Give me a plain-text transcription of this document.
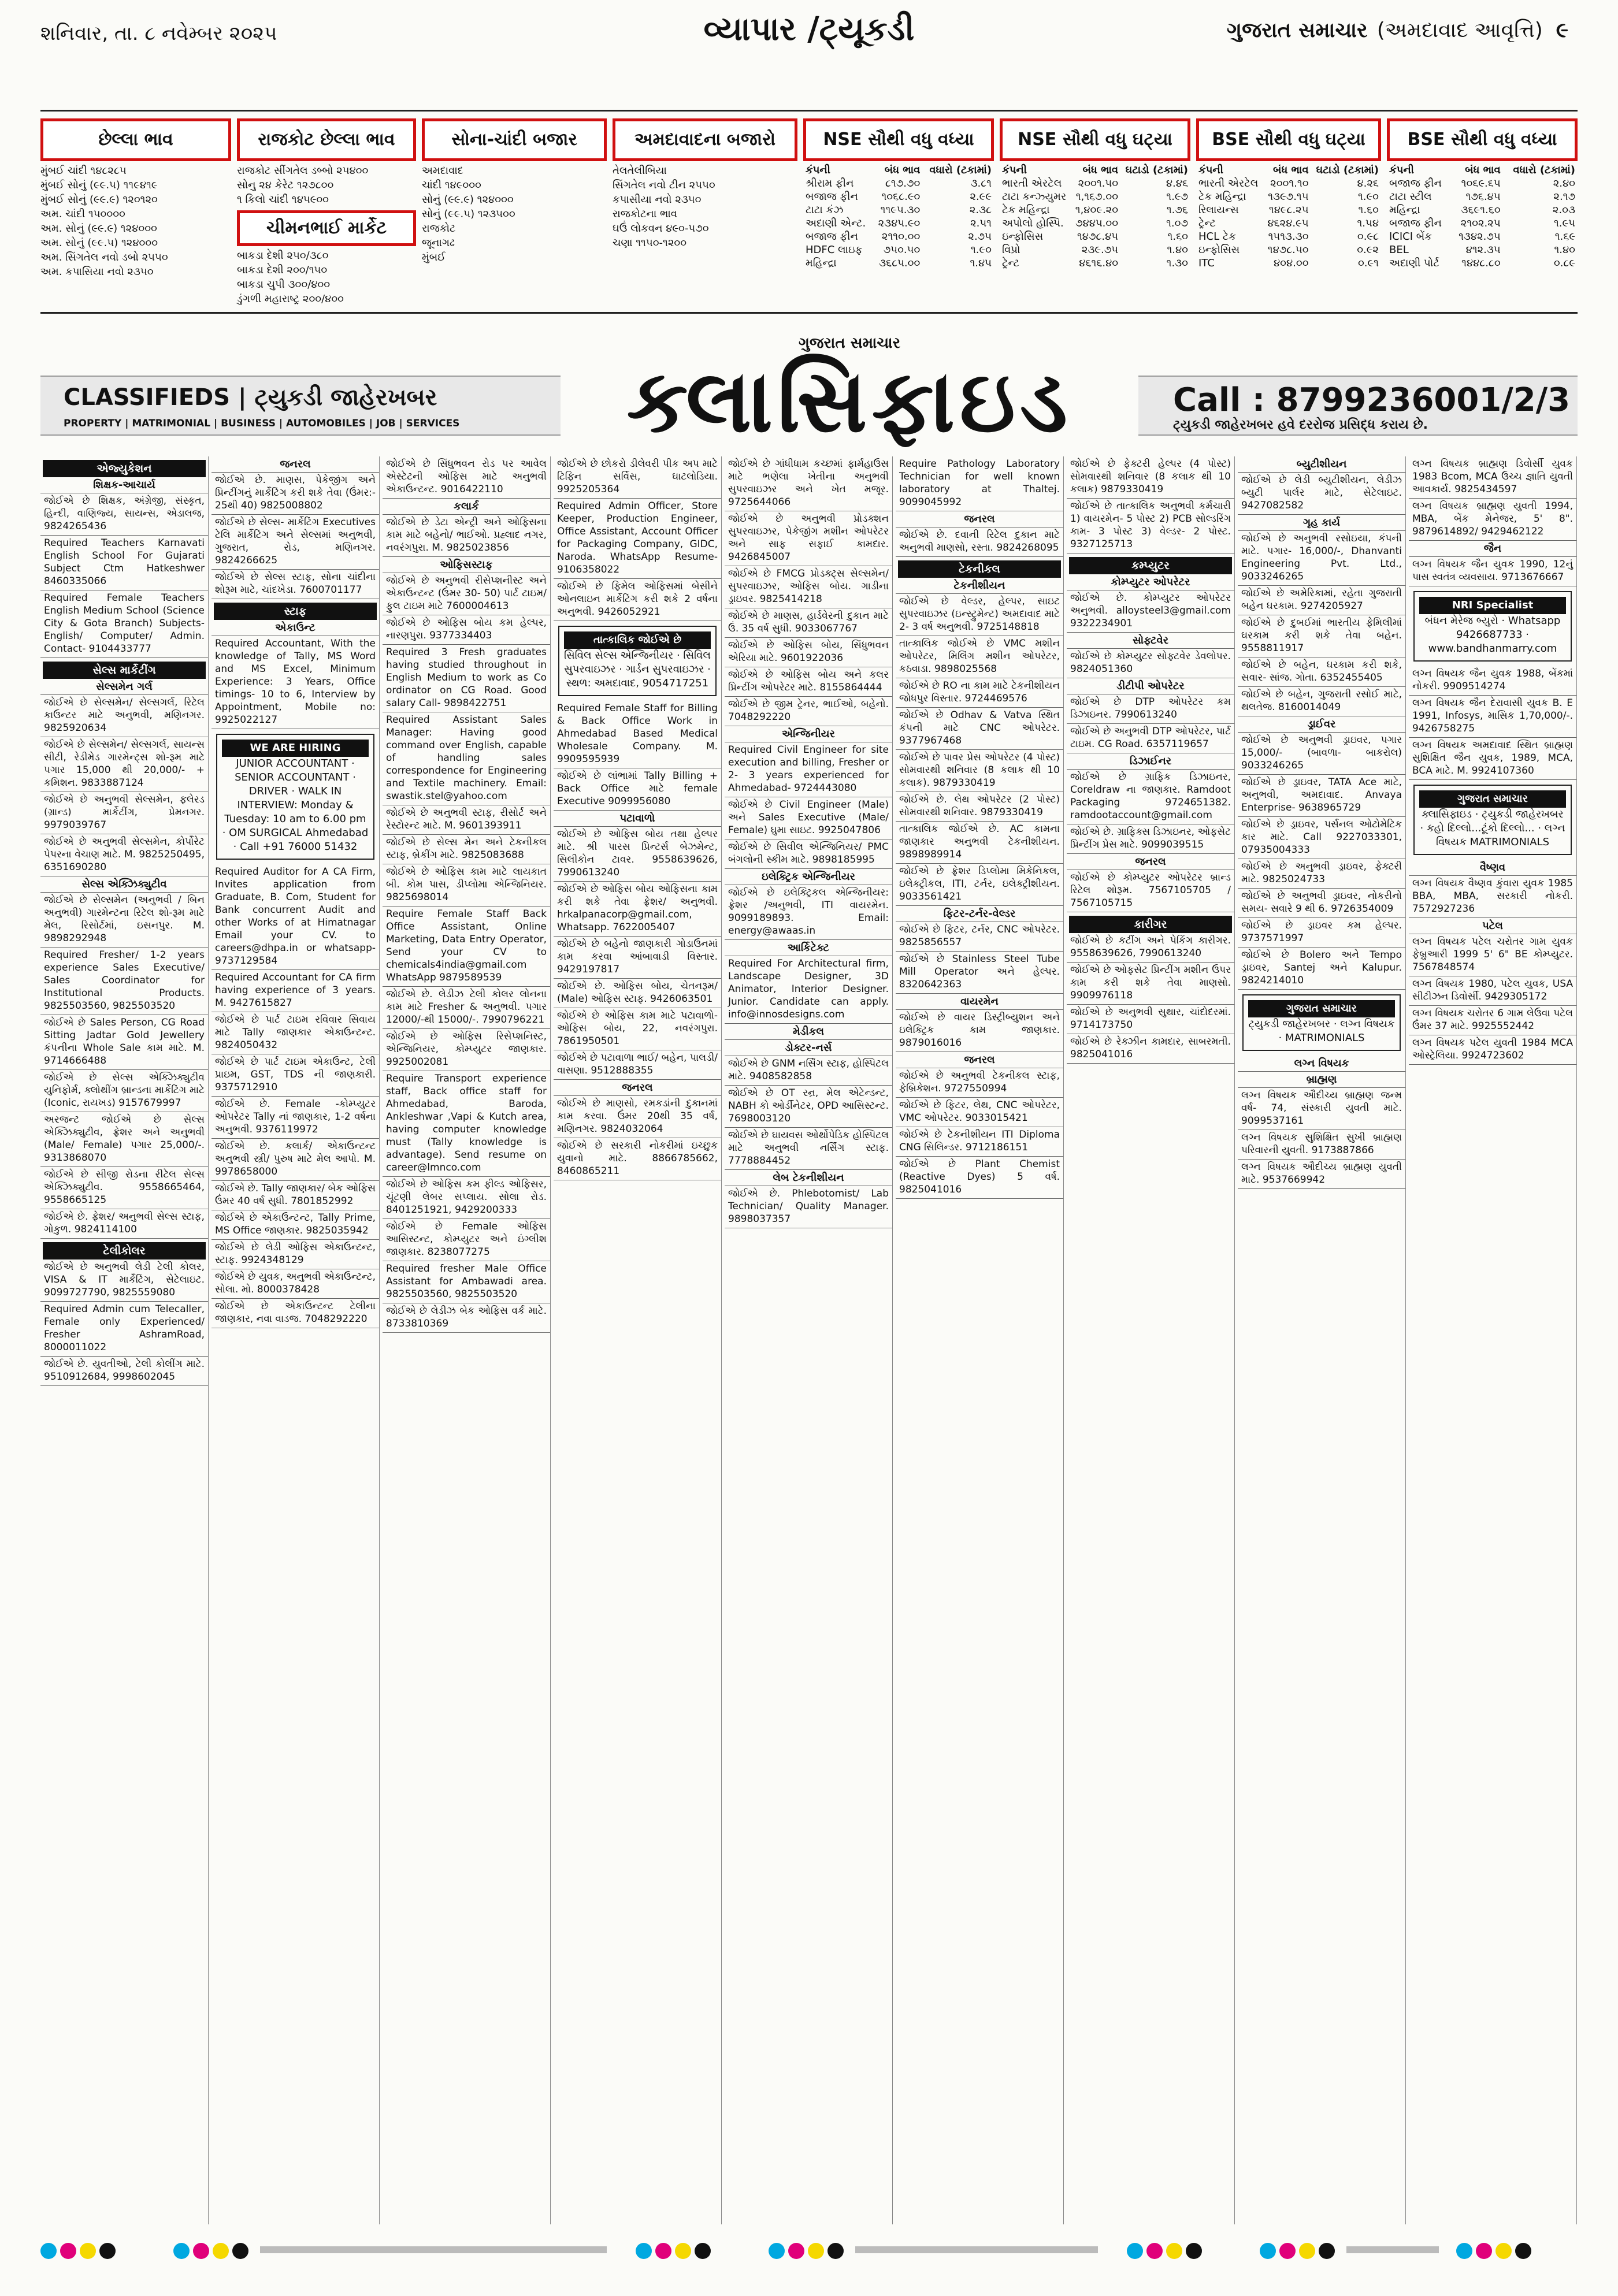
શનિવાર, તા. ૮ નવેમ્બર ૨૦૨૫	વ્યાપાર /ટ્યૂકડી	ગુજરાત સમાચાર (અમદાવાદ આવૃત્તિ) ૯
છેલ્લા ભાવ
મુંબઈ ચાંદી ૧૪૮૨૮૫
મુંબઈ સોનું (૯૯.૫) ૧૧૯૪૧૯
મુંબઈ સોનું (૯૯.૯) ૧૨૦૧૨૦
અમ. ચાંદી ૧૫૦૦૦૦
અમ. સોનું (૯૯.૯) ૧૨૪૦૦૦
અમ. સોનું (૯૯.૫) ૧૨૪૦૦૦
અમ. સિંગતેલ નવો ડબો ૨૫૫૦
અમ. કપાસિયા નવો ૨૩૫૦
રાજકોટ છેલ્લા ભાવ
રાજકોટ સીંગતેલ ડબ્બો ૨૫૪૦૦
સોનુ ૨૪ કેરેટ ૧૨૭૮૦૦
૧ કિલો ચાંદી ૧૪૫૯૦૦
ચીમનભાઈ માર્કેટ
બાકડા દેશી ૨૫૦/૩૮૦
બાકડા દેશી ૨૦૦/૧૫૦
બાકડા ચુપી ૩૦૦/૪૦૦
ડુંગળી મહારાષ્ટ્ર ૨૦૦/૪૦૦
સોના-ચાંદી બજાર
અમદાવાદ
ચાંદી ૧૪૯૦૦૦
સોનું (૯૯.૯) ૧૨૪૦૦૦
સોનું (૯૯.૫) ૧૨૩૫૦૦
રાજકોટ
જૂનાગઢ
મુંબઈ
અમદાવાદના બજારો
તેલતેલીબિયા
સિંગતેલ નવો ટીન ૨૫૫૦
કપાસીયા નવો ૨૩૫૦
રાજકોટના ભાવ
ઘઉં લોકવન ૪૯૦-૫૭૦
ચણા ૧૧૫૦-૧૨૦૦
NSE સૌથી વધુ વધ્યા
કંપની	બંધ ભાવ	વધારો (ટકામાં)
શ્રીરામ ફીન	૮૧૭.૭૦	૩.૮૧
બજાજ ફીન	૧૦૬૮.૯૦	૨.૯૯
ટાટા કંઝ	૧૧૯૫.૩૦	૨.૩૮
અદાણી એન્ટ.	૨૩૪૫.૯૦	૨.૫૧
બજાજ ફીન	૨૧૧૦.૦૦	૨.૭૫
HDFC લાઇફ	૭૫૦.૫૦	૧.૯૦
મહિન્દ્રા	૩૬૮૫.૦૦	૧.૪૫
NSE સૌથી વધુ ઘટ્યા
કંપની	બંધ ભાવ	ઘટાડો (ટકામાં)
ભારતી એરટેલ	૨૦૦૧.૫૦	૪.૪૬
ટાટા કન્ઝ્યુમર	૧,૧૬૭.૦૦	૧.૯૭
ટેક મહિન્દ્રા	૧,૪૦૯.૨૦	૧.૭૬
અપોલો હોસ્પિ.	૭૪૪૫.૦૦	૧.૦૭
ઇન્ફોસિસ	૧૪૭૮.૪૫	૧.૬૦
વિપ્રો	૨૩૯.૭૫	૧.૪૦
ટ્રેન્ટ	૪૬૧૬.૪૦	૧.૩૦
BSE સૌથી વધુ ઘટ્યા
કંપની	બંધ ભાવ	ઘટાડો (ટકામાં)
ભારતી એરટેલ	૨૦૦૧.૧૦	૪.૨૬
ટેક મહિન્દ્રા	૧૩૯૭.૧૫	૧.૯૦
રિલાયન્સ	૧૪૯૮.૨૫	૧.૬૦
ટ્રેન્ટ	૪૬૨૪.૯૫	૧.૫૪
HCL ટેક	૧૫૧૩.૩૦	૦.૯૮
ઇન્ફોસિસ	૧૪૭૮.૫૦	૦.૯૨
ITC	૪૦૪.૦૦	૦.૯૧
BSE સૌથી વધુ વધ્યા
કંપની	બંધ ભાવ	વધારો (ટકામાં)
બજાજ ફીન	૧૦૬૯.૬૫	૨.૪૦
ટાટા સ્ટીલ	૧૭૬.૪૫	૨.૧૭
મહિન્દ્રા	૩૬૯૧.૬૦	૨.૦૩
બજાજ ફીન	૨૧૦૨.૨૫	૧.૯૫
ICICI બેંક	૧૩૪૨.૭૫	૧.૬૯
BEL	૪૧૨.૩૫	૧.૪૦
અદાણી પોર્ટ	૧૪૪૮.૮૦	૦.૮૯
CLASSIFIEDS | ટ્યુકડી જાહેરખબર
PROPERTY | MATRIMONIAL | BUSINESS | AUTOMOBILES | JOB | SERVICES
ગુજરાત સમાચાર
ક્લાસિફાઇડ	Call : 8799236001/2/3
ટ્યુકડી જાહેરખબર હવે દરરોજ પ્રસિદ્ધ કરાય છે.
એજ્યુકેશન
શિક્ષક-આચાર્ય
જોઈએ છે શિક્ષક, અંગ્રેજી, સંસ્કૃત, હિન્દી, વાણિજ્ય, સાયન્સ, એડાલજ, 9824265436
Required Teachers Karnavati English School For Gujarati Subject Ctm Hatkeshwer 8460335066
Required Female Teachers English Medium School (Science City & Gota Branch) Subjects- English/ Computer/ Admin. Contact- 9104433777
સેલ્સ માર્કેટીંગ
સેલ્સમેન ગર્લ
જોઈએ છે સેલ્સમેન/ સેલ્સગર્લ, રિટેલ કાઉન્ટર માટે અનુભવી, મણિનગર. 9825920634
જોઈએ છે સેલ્સમેન/ સેલ્સગર્લ, સાયન્સ સીટી, રેડીમેડ ગારમેન્ટ્સ શો-રૂમ માટે પગાર 15,000 થી 20,000/- + કમિશન. 9833887124
જોઈએ છે અનુભવી સેલ્સમેન, ફલેરડ (ગ્રાન્ડ) માર્કેટીંગ, પ્રેમનગર. 9979039767
જોઈએ છે અનુભવી સેલ્સમેન, કોર્પોરેટ પેપરના વેચાણ માટે. M. 9825250495, 6351690280
સેલ્સ એક્ઝિક્યુટીવ
જોઈએ છે સેલ્સમેન (અનુભવી / બિન અનુભવી) ગારમેન્ટના રિટેલ શો-રૂમ માટે મેલ, રિસોર્ટમાં, ઇસનપુર. M. 9898292948
Required Fresher/ 1-2 years experience Sales Executive/ Sales Coordinator for Institutional Products. 9825503560, 9825503520
જોઈએ છે Sales Person, CG Road Sitting Jadtar Gold Jewellery કંપનીના Whole Sale કામ માટે. M. 9714666488
જોઈએ છે સેલ્સ એક્ઝિક્યુટીવ યુનિફોર્મ, ક્લોથીંગ બ્રાન્ડના માર્કેટિંગ માટે (Iconic, રાયખડ) 9157679997
અરજન્ટ જોઈએ છે સેલ્સ એક્ઝિક્યુટીવ, ફ્રેશર અને અનુભવી (Male/ Female) પગાર 25,000/-. 9313868070
જોઈએ છે સીજી રોડના રીટેલ સેલ્સ એક્ઝિક્યુટીવ. 9558665464, 9558665125
જોઈએ છે. ફ્રેશર/ અનુભવી સેલ્સ સ્ટાફ, ગોકુળ. 9824114100
ટેલીકોલર
જોઈએ છે અનુભવી લેડી ટેલી કોલર, VISA & IT માર્કેટિંગ, સેટેલાઇટ. 9099727790, 9825559080
Required Admin cum Telecaller, Female only Experienced/ Fresher AshramRoad, 8000011022
જોઈએ છે. યુવતીઓ, ટેલી કોલીંગ માટે. 9510912684, 9998602045
જનરલ
જોઈએ છે. માણસ, પેકેજીંગ અને પ્રિન્ટીંગનું માર્કેટિંગ કરી શકે તેવા (ઉંમર:- 25થી 40) 9825008802
જોઈએ છે સેલ્સ- માર્કેટિંગ Executives ટેલિ માર્કેટિંગ અને સેલ્સમાં અનુભવી, ગુજરાત, રોડ, મણિનગર. 9824266625
જોઈએ છે સેલ્સ સ્ટાફ, સોના ચાંદીના શોરૂમ માટે, ચાંદખેડા. 7600701177
સ્ટાફ
એકાઉન્ટ
Required Accountant, With the knowledge of Tally, MS Word and MS Excel, Minimum Experience: 3 Years, Office timings- 10 to 6, Interview by Appointment, Mobile no: 9925022127
WE ARE HIRING
JUNIOR ACCOUNTANT · SENIOR ACCOUNTANT · DRIVER · WALK IN INTERVIEW: Monday & Tuesday: 10 am to 6.00 pm · OM SURGICAL Ahmedabad · Call +91 76000 51432
Required Auditor for A CA Firm, Invites application from Graduate, B. Com, Student for Bank concurrent Audit and other Works of at Himatnagar Email your CV. to careers@dhpa.in or whatsapp- 9737129584
Required Accountant for CA firm having experience of 3 years. M. 9427615827
જોઈએ છે પાર્ટ ટાઇમ રવિવાર સિવાય માટે Tally જાણકાર એકાઉન્ટન્ટ. 9824050432
જોઈએ છે પાર્ટ ટાઇમ એકાઉન્ટ, ટેલી પ્રાઇમ, GST, TDS ની જાણકારી. 9375712910
જોઈએ છે. Female -કોમ્પ્યુટર ઓપરેટર Tally નાં જાણકાર, 1-2 વર્ષના અનુભવી. 9376119972
જોઈએ છે. કલાર્ક/ એકાઉન્ટન્ટ અનુભવી સ્ત્રી/ પુરુષ માટે મેલ આપો. M. 9978658000
જોઈએ છે. Tally જાણકાર/ બેક ઓફિસ ઉંમર 40 વર્ષ સુધી. 7801852992
જોઈએ છે એકાઉન્ટન્ટ, Tally Prime, MS Office જાણકાર. 9825035942
જોઈએ છે લેડી ઓફિસ એકાઉન્ટન્ટ, સ્ટાફ. 9924348129
જોઈએ છે યુવક, અનુભવી એકાઉન્ટન્ટ, સોલા. મો. 8000378428
જોઈએ છે એકાઉન્ટન્ટ ટેલીના જાણકાર, નવા વાડજ. 7048292220
જોઈએ છે સિંધુભવન રોડ પર આવેલ એસ્ટેટની ઓફિસ માટે અનુભવી એકાઉન્ટન્ટ. 9016422110
કલાર્ક
જોઈએ છે ડેટા એન્ટ્રી અને ઓફિસના કામ માટે બહેનો/ ભાઈઓ. પ્રહ્લાદ નગર, નવરંગપુરા. M. 9825023856
ઓફિસસ્ટાફ
જોઈએ છે અનુભવી રીસેપ્શનીસ્ટ અને એકાઉન્ટન્ટ (ઉંમર 30- 50) પાર્ટ ટાઇમ/ ફુલ ટાઇમ માટે 7600004613
જોઈએ છે ઓફિસ બોય કમ હેલ્પર, નારણપુરા. 9377334403
Required 3 Fresh graduates having studied throughout in English Medium to work as Co ordinator on CG Road. Good salary Call- 9898422751
Required Assistant Sales Manager: Having good command over English, capable of handling sales correspondence for Engineering and Textile machinery. Email: swastik.stel@yahoo.com
જોઈએ છે અનુભવી સ્ટાફ, રીસોર્ટ અને રેસ્ટોરન્ટ માટે. M. 9601393911
જોઈએ છે સેલ્સ મેન અને ટેકનીકલ સ્ટાફ, બ્રેકીંગ માટે. 9825083688
જોઈએ છે ઓફિસ કામ માટે લાયકાત બી. કોમ પાસ, ડીપ્લોમા એન્જિનિયર. 9825698014
Require Female Staff Back Office Assistant, Online Marketing, Data Entry Operator, Send your CV to chemicals4india@gmail.com WhatsApp 9879589539
જોઈએ છે. લેડીઝ ટેલી કોલર લોનના કામ માટે Fresher & અનુભવી. પગાર 12000/-થી 15000/-. 7990796221
જોઈએ છે ઓફિસ રિસેપ્શનિસ્ટ, એન્જિનિયર, કોમ્પ્યુટર જાણકાર. 9925002081
Require Transport experience staff, Back office staff for Ahmedabad, Baroda, Ankleshwar ,Vapi & Kutch area, having computer knowledge must (Tally knowledge is advantage). Send resume on career@lmnco.com
જોઈએ છે ઓફિસ કમ ફીલ્ડ ઓફિસર, ચૂંટણી લેબર સપ્લાય. સોલા રોડ. 8401251921, 9429200333
જોઈએ છે Female ઓફિસ આસિસ્ટન્ટ, કોમ્પ્યુટર અને ઇંગ્લીશ જાણકાર. 8238077275
Required fresher Male Office Assistant for Ambawadi area. 9825503560, 9825503520
જોઈએ છે લેડીઝ બેક ઓફિસ વર્ક માટે. 8733810369
જોઈએ છે છોકરો ડીલેવરી પીક અપ માટે ટિફિન સર્વિસ, ઘાટલોડિયા. 9925205364
Required Admin Officer, Store Keeper, Production Engineer, Office Assistant, Account Officer for Packaging Company, GIDC, Naroda. WhatsApp Resume- 9106358022
જોઈએ છે ફિમેલ ઓફિસમાં બેસીને ઓનલાઇન માર્કેટિંગ કરી શકે 2 વર્ષના અનુભવી. 9426052921
તાત્કાલિક જોઈએ છે
સિવિલ સેલ્સ એન્જિનીયર · સિવિલ સુપરવાઇઝર · ગાર્ડન સુપરવાઇઝર · સ્થળ: અમદાવાદ, 9054717251
Required Female Staff for Billing & Back Office Work in Ahmedabad Based Medical Wholesale Company. M. 9909595939
જોઈએ છે લાંભામાં Tally Billing + Back Office માટે female Executive 9099956080
પટાવાળો
જોઈએ છે ઓફિસ બોય તથા હેલ્પર માટે. શ્રી પારસ પ્રિન્ટર્સ બેઝમેન્ટ, સિલીકોન ટાવર. 9558639626, 7990613240
જોઈએ છે ઓફિસ બોય ઓફિસના કામ કરી શકે તેવા ફ્રેશર/ અનુભવી. hrkalpanacorp@gmail.com, Whatsapp. 7622005407
જોઈએ છે બહેનો જાણકારી ગોડાઉનમાં કામ કરવા આંબાવાડી વિસ્તાર. 9429197817
જોઈએ છે. ઓફિસ બોય, ચેતનરૂમ/ (Male) ઓફિસ સ્ટાફ. 9426063501
જોઈએ છે ઓફિસ કામ માટે પટાવાળો- ઓફિસ બોય, 22, નવરંગપુરા. 7861950501
જોઈએ છે પટાવાળા ભાઈ/ બહેન, પાલડી/ વાસણા. 9512888355
જનરલ
જોઈએ છે માણસો, રમકડાંની દુકાનમાં કામ કરવા. ઉંમર 20થી 35 વર્ષ, મણિનગર. 9824032064
જોઈએ છે સરકારી નોકરીમાં ઇચ્છુક યુવાનો માટે. 8866785662, 8460865211
જોઈએ છે ગાંધીધામ કચ્છમાં ફાર્મહાઉસ માટે ભણેલા ખેતીના અનુભવી સુપરવાઇઝર અને ખેત મજૂર. 9725644066
જોઈએ છે અનુભવી પ્રોડક્શન સુપરવાઇઝર, પેકેજીંગ મશીન ઓપરેટર અને સાફ સફાઈ કામદાર. 9426845007
જોઈએ છે FMCG પ્રોડક્ટ્સ સેલ્સમેન/ સુપરવાઇઝર, ઓફિસ બોય. ગાડીના ડ્રાઇવર. 9825414218
જોઈએ છે માણસ, હાર્ડવેરની દુકાન માટે ઉં. 35 વર્ષ સુધી. 9033067767
જોઈએ છે ઓફિસ બોય, સિંધુભવન એરિયા માટે. 9601922036
જોઈએ છે ઓફિસ બોય અને કલર પ્રિન્ટીંગ ઓપરેટર માટે. 8155864444
જોઈએ છે જીમ ટ્રેનર, ભાઈઓ, બહેનો. 7048292220
એન્જિનીયર
Required Civil Engineer for site execution and billing, Fresher or 2- 3 years experienced for Ahmedabad- 9724443080
જોઈએ છે Civil Engineer (Male) અને Sales Executive (Male/ Female) ઘુમા સાઇટ. 9925047806
જોઈએ છે સિવીલ એન્જિનિયર/ PMC બંગલોની સ્કીમ માટે. 9898185995
ઇલેક્ટ્રિક એન્જિનીયર
જોઈએ છે ઇલેક્ટ્રિકલ એન્જિનીયર: ફ્રેશર /અનુભવી, ITI વાયરમેન. 9099189893. Email: energy@awaas.in
આર્કિટેક્ટ
Required For Architectural firm, Landscape Designer, 3D Animator, Interior Designer. Junior. Candidate can apply. info@innosdesigns.com
મેડીકલ
ડોક્ટર-નર્સ
જોઈએ છે GNM નર્સિંગ સ્ટાફ, હોસ્પિટલ માટે. 9408582858
જોઈએ છે OT રન્ર, મેલ એટેન્ડન્ટ, NABH કો ઓર્ડીનેટર, OPD આસિસ્ટન્ટ. 7698003120
જોઈએ છે ઘાયવસ ઓર્થોપેડિક હોસ્પિટલ માટે અનુભવી નર્સિંગ સ્ટાફ. 7778884452
લેબ ટેકનીશીયન
જોઈએ છે. Phlebotomist/ Lab Technician/ Quality Manager. 9898037357
Require Pathology Laboratory Technician for well known laboratory at Thaltej. 9099045992
જનરલ
જોઈએ છે. દવાની રિટેલ દુકાન માટે અનુભવી માણસો, રસ્તા. 9824268095
ટેકનીકલ
ટેકનીશીયન
જોઈએ છે વેલ્ડર, હેલ્પર, સાઇટ સુપરવાઇઝર (ઇન્સ્ટ્રુમેન્ટ) અમદાવાદ માટે 2- 3 વર્ષ અનુભવી. 9725148818
તાત્કાલિક જોઈએ છે VMC મશીન ઓપરેટર, મિલિંગ મશીન ઓપરેટર, કઠવાડા. 9898025568
જોઈએ છે RO ના કામ માટે ટેકનીશીયન જોધપુર વિસ્તાર. 9724469576
જોઈએ છે Odhav & Vatva સ્થિત કંપની માટે CNC ઓપરેટર. 9377967468
જોઈએ છે પાવર પ્રેસ ઓપરેટર (4 પોસ્ટ) સોમવારથી શનિવાર (8 કલાક થી 10 કલાક). 9879330419
જોઈએ છે. લેથ ઓપરેટર (2 પોસ્ટ) સોમવારથી શનિવાર. 9879330419
તાત્કાલિક જોઈએ છે. AC કામના જાણકાર અનુભવી ટેકનીશીયન. 9898989914
જોઈએ છે ફ્રેશર ડિપ્લોમા મિકેનિકલ, ઇલેક્ટ્રીકલ, ITI, ટર્નર, ઇલેક્ટ્રીશીયન. 9033561421
ફિટર-ટર્નર-વેલ્ડર
જોઈએ છે ફિટર, ટર્નર, CNC ઓપરેટર. 9825856557
જોઈએ છે Stainless Steel Tube Mill Operator અને હેલ્પર. 8320642363
વાયરમેન
જોઈએ છે વાયર ડિસ્ટ્રીબ્યુશન અને ઇલેક્ટ્રિક કામ જાણકાર. 9879016016
જનરલ
જોઈએ છે અનુભવી ટેકનીકલ સ્ટાફ, ફેબ્રિકેશન. 9727550994
જોઈએ છે ફિટર, લેથ, CNC ઓપરેટર, VMC ઓપરેટર. 9033015421
જોઈએ છે ટેકનીશીયન ITI Diploma CNG સિલિન્ડર. 9712186151
જોઈએ છે Plant Chemist (Reactive Dyes) 5 વર્ષ. 9825041016
જોઈએ છે ફેક્ટરી હેલ્પર (4 પોસ્ટ) સોમવારથી શનિવાર (8 કલાક થી 10 કલાક) 9879330419
જોઈએ છે તાત્કાલિક અનુભવી કર્મચારી 1) વાયરમેન- 5 પોસ્ટ 2) PCB સોલ્ડરિંગ કામ- 3 પોસ્ટ 3) વેલ્ડર- 2 પોસ્ટ. 9327125713
કમ્પ્યુટર
કોમ્પ્યુટર ઓપરેટર
જોઈએ છે. કોમ્પ્યુટર ઓપરેટર અનુભવી. alloysteel3@gmail.com 9322234901
સોફ્ટવેર
જોઈએ છે કોમ્પ્યુટર સોફ્ટવેર ડેવલોપર. 9824051360
ડીટીપી ઓપરેટર
જોઈએ છે DTP ઓપરેટર કમ ડિઝાઇનર. 7990613240
જોઈએ છે અનુભવી DTP ઓપરેટર, પાર્ટ ટાઇમ. CG Road. 6357119657
ડિઝાઈનર
જોઈએ છે ગ્રાફિક ડિઝાઇનર, Coreldraw ના જાણકાર. Ramdoot Packaging 9724651382. ramdootaccount@gmail.com
જોઈએ છે. ગ્રાફિક્સ ડિઝાઇનર, ઓફસેટ પ્રિન્ટીંગ પ્રેસ માટે. 9099039515
જનરલ
જોઈએ છે કોમ્પ્યુટર ઓપરેટર બ્રાન્ડ રિટેલ શોરૂમ. 7567105705 / 7567105715
કારીગર
જોઈએ છે કટીંગ અને પેકિંગ કારીગર. 9558639626, 7990613240
જોઈએ છે ઓફસેટ પ્રિન્ટીંગ મશીન ઉપર કામ કરી શકે તેવા માણસો. 9909976118
જોઈએ છે અનુભવી સુથાર, ચાંદોદરમાં. 9714173750
જોઈએ છે રેક્ઝીન કામદાર, સાબરમતી. 9825041016
બ્યુટીશીયન
જોઈએ છે લેડી બ્યુટીશીયન, લેડીઝ બ્યુટી પાર્લર માટે, સેટેલાઇટ. 9427082582
ગૃહ કાર્ય
જોઈએ છે અનુભવી રસોઇયા, કંપની માટે. પગાર- 16,000/-, Dhanvanti Engineering Pvt. Ltd., 9033246265
જોઈએ છે અમેરિકામાં, રહેતા ગુજરાતી બહેન ઘરકામ. 9274205927
જોઈએ છે દુબઈમાં ભારતીય ફેમિલીમાં ઘરકામ કરી શકે તેવા બહેન. 9558811917
જોઈએ છે બહેન, ઘરકામ કરી શકે, સવાર- સાંજ. ગોતા. 6352455405
જોઈએ છે બહેન, ગુજરાતી રસોઈ માટે, થલતેજ. 8160014049
ડ્રાઈવર
જોઈએ છે અનુભવી ડ્રાઇવર, પગાર 15,000/- (બાવળા- બાકરોલ) 9033246265
જોઈએ છે ડ્રાઇવર, TATA Ace માટે, અનુભવી, અમદાવાદ. Anvaya Enterprise- 9638965729
જોઈએ છે ડ્રાઇવર, પર્સનલ ઓટોમેટિક કાર માટે. Call 9227033301, 07935004333
જોઈએ છે અનુભવી ડ્રાઇવર, ફેક્ટરી માટે. 9825024733
જોઈએ છે અનુભવી ડ્રાઇવર, નોકરીનો સમય- સવારે 9 થી 6. 9726354009
જોઈએ છે ડ્રાઇવર કમ હેલ્પર. 9737571997
જોઈએ છે Bolero અને Tempo ડ્રાઇવર, Santej અને Kalupur. 9824214010
ગુજરાત સમાચાર
ટ્યુકડી જાહેરખબર · લગ્ન વિષયક · MATRIMONIALS
લગ્ન વિષયક
બ્રાહ્મણ
લગ્ન વિષયક ઔદીચ્ય બ્રાહ્મણ જન્મ વર્ષ- 74, સંસ્કારી યુવતી માટે. 9099537161
લગ્ન વિષયક સુશિક્ષિત સુખી બ્રાહ્મણ પરિવારની યુવતી. 9173887866
લગ્ન વિષયક ઔદીચ્ય બ્રાહ્મણ યુવતી માટે. 9537669942
લગ્ન વિષયક બ્રાહ્મણ ડિવોર્સી યુવક 1983 Bcom, MCA ઉચ્ચ જ્ઞાતિ યુવતી આવકાર્ય. 9825434597
લગ્ન વિષયક બ્રાહ્મણ યુવતી 1994, MBA, બેંક મેનેજર, 5' 8". 9879614892/ 9429462122
જૈન
લગ્ન વિષયક જૈન યુવક 1990, 12નું પાસ સ્વતંત્ર વ્યવસાય. 9713676667
NRI Specialist
બંધન મેરેજ બ્યુરો · Whatsapp 9426687733 · www.bandhanmarry.com
લગ્ન વિષયક જૈન યુવક 1988, બેંકમાં નોકરી. 9909514274
લગ્ન વિષયક જૈન દેરાવાસી યુવક B. E 1991, Infosys, માસિક 1,70,000/-. 9426758275
લગ્ન વિષયક અમદાવાદ સ્થિત બ્રાહ્મણ સુશિક્ષિત જૈન યુવક, 1989, MCA, BCA માટે. M. 9924107360
ગુજરાત સમાચાર
ક્લાસિફાઇડ · ટ્યુકડી જાહેરખબર · કહો દિલ્લો...ટૂંકો દિલ્લો... · લગ્ન વિષયક MATRIMONIALS
વૈષ્ણવ
લગ્ન વિષયક વૈષ્ણવ કુંવારા યુવક 1985 BBA, MBA, સરકારી નોકરી. 7572927236
પટેલ
લગ્ન વિષયક પટેલ ચરોતર ગામ યુવક ફેબ્રુઆરી 1999 5' 6" BE કોમ્પ્યુટર. 7567848574
લગ્ન વિષયક 1980, પટેલ યુવક, USA સીટીઝન ડિવોર્સી. 9429305172
લગ્ન વિષયક ચરોતર 6 ગામ લેઉવા પટેલ ઉંમર 37 માટે. 9925552442
લગ્ન વિષયક પટેલ યુવતી 1984 MCA ઓસ્ટ્રેલિયા. 9924723602
